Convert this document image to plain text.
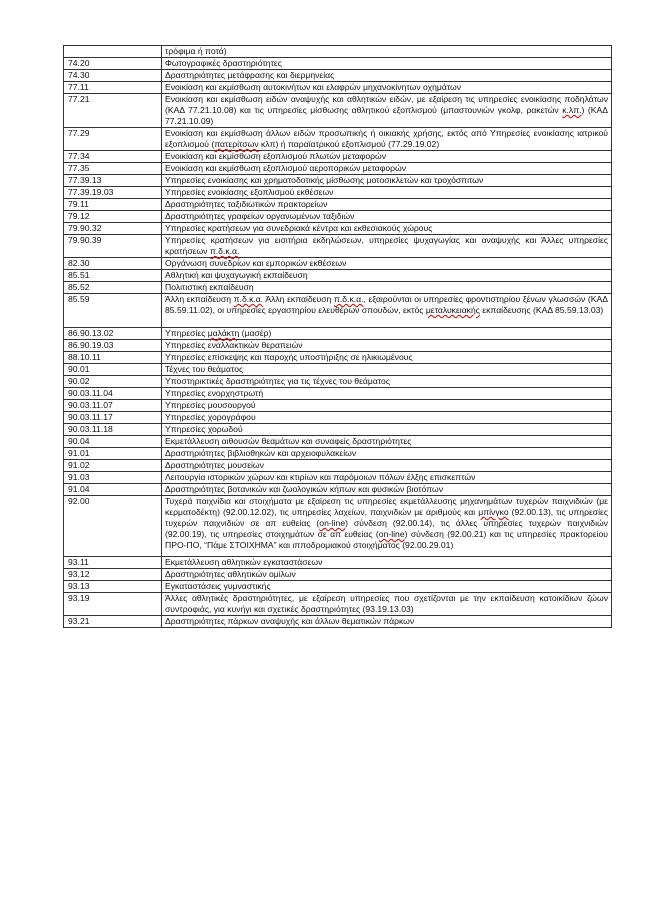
	τρόφιμα ή ποτά)
74.20	Φωτογραφικές δραστηριότητες
74.30	Δραστηριότητες μετάφρασης και διερμηνείας
77.11	Ενοικίαση και εκμίσθωση αυτοκινήτων και ελαφρών μηχανοκίνητων οχημάτων
77.21	Ενοικίαση και εκμίσθωση ειδών αναψυχής και αθλητικών ειδών, με εξαίρεση τις υπηρεσίες ενοικίασης ποδηλάτων (ΚΑΔ 77.21.10.08) και τις υπηρεσίες μίσθωσης αθλητικού εξοπλισμού (μπαστουνιών γκολφ, ρακετών κ.λπ.) (ΚΑΔ 77.21.10.09)
77.29	Ενοικίαση και εκμίσθωση άλλων ειδών προσωπικής ή οικιακής χρήσης, εκτός από Υπηρεσίες ενοικίασης ιατρικού εξοπλισμού (πατερίτσων κλπ) ή παραϊατρικού εξοπλισμού (77.29.19.02)
77.34	Ενοικίαση και εκμίσθωση εξοπλισμού πλωτών μεταφορών
77.35	Ενοικίαση και εκμίσθωση εξοπλισμού αεροπορικών μεταφορών
77.39.13	Υπηρεσίες ενοικίασης και χρηματοδοτικής μίσθωσης μοτοσικλετών και τροχόσπιτων
77.39.19.03	Υπηρεσίες ενοικίασης εξοπλισμού εκθέσεων
79.11	Δραστηριότητες ταξιδιωτικών πρακτορείων
79.12	Δραστηριότητες γραφείων οργανωμένων ταξιδιών
79.90.32	Υπηρεσίες κρατήσεων για συνεδριακά κέντρα και εκθεσιακούς χώρους
79.90.39	Υπηρεσίες κρατήσεων για εισιτήρια εκδηλώσεων, υπηρεσίες ψυχαγωγίας και αναψυχής και Άλλες υπηρεσίες κρατήσεων π.δ.κ.α.
82.30	Οργάνωση συνεδρίων και εμπορικών εκθέσεων
85.51	Αθλητική και ψυχαγωγική εκπαίδευση
85.52	Πολιτιστική εκπαίδευση
85.59	Άλλη εκπαίδευση π.δ.κ.α. Άλλη εκπαίδευση π.δ.κ.α., εξαιρούνται οι υπηρεσίες φροντιστηρίου ξένων γλωσσών (ΚΑΔ 85.59.11.02), οι υπηρεσίες εργαστηρίου ελευθέρων σπουδών, εκτός μεταλυκειακής εκπαίδευσης (ΚΑΔ 85.59.13.03)
86.90.13.02	Υπηρεσίες μαλάκτη (μασέρ)
86.90.19.03	Υπηρεσίες εναλλακτικών θεραπειών
88.10.11	Υπηρεσίες επίσκεψης και παροχής υποστήριξης σε ηλικιωμένους
90.01	Τέχνες του θεάματος
90.02	Υποστηρικτικές δραστηριότητες για τις τέχνες του θεάματος
90.03.11.04	Υπηρεσίες ενορχηστρωτή
90.03.11.07	Υπηρεσίες μουσουργού
90.03.11.17	Υπηρεσίες χορογράφου
90.03.11.18	Υπηρεσίες χορωδού
90.04	Εκμετάλλευση αιθουσών θεαμάτων και συναφείς δραστηριότητες
91.01	Δραστηριότητες βιβλιοθηκών και αρχειοφυλακείων
91.02	Δραστηριότητες μουσείων
91.03	Λειτουργία ιστορικών χώρων και κτιρίων και παρόμοιων πόλων έλξης επισκεπτών
91.04	Δραστηριότητες βοτανικών και ζωολογικών κήπων και φυσικών βιοτόπων
92.00	Τυχερά παιχνίδια και στοιχήματα με εξαίρεση τις υπηρεσίες εκμετάλλευσης μηχανημάτων τυχερών παιχνιδιών (με κερματοδέκτη) (92.00.12.02), τις υπηρεσίες λαχείων, παιχνιδιών με αριθμούς και μπίνγκο (92.00.13), τις υπηρεσίες τυχερών παιχνιδιών σε απ ευθείας (on-line) σύνδεση (92.00.14), τις άλλες υπηρεσίες τυχερών παιχνιδιών (92.00.19), τις υπηρεσίες στοιχημάτων σε απ ευθείας (on-line) σύνδεση (92.00.21) και τις υπηρεσίες πρακτορείου ΠΡΟ-ΠΟ, “Πάμε ΣΤΟΙΧΗΜΑ” και ιπποδρομιακού στοιχήματος (92.00.29.01)
93.11	Εκμετάλλευση αθλητικών εγκαταστάσεων
93.12	Δραστηριότητες αθλητικών ομίλων
93.13	Εγκαταστάσεις γυμναστικής
93.19	Άλλες αθλητικές δραστηριότητες, με εξαίρεση υπηρεσίες που σχετίζονται με την εκπαίδευση κατοικίδιων ζώων συντροφιάς, για κυνήγι και σχετικές δραστηριότητες (93.19.13.03)
93.21	Δραστηριότητες πάρκων αναψυχής και άλλων θεματικών πάρκων
